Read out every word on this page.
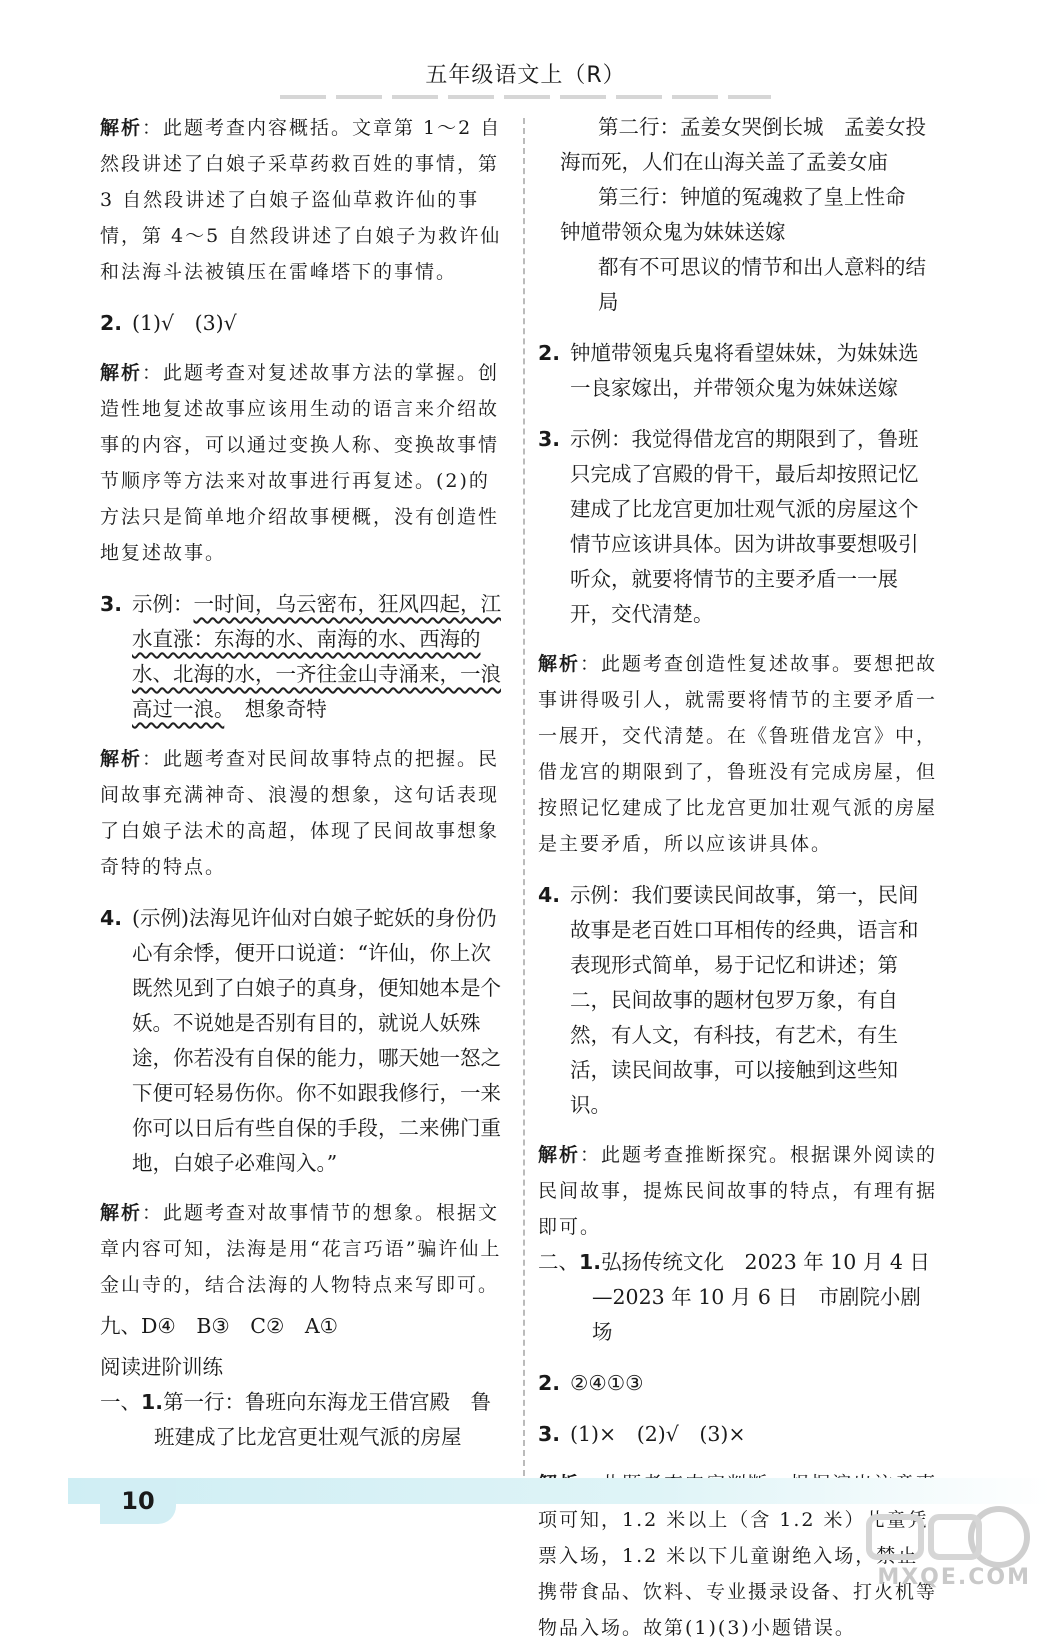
五年级语文上（R）

解析：此题考查内容概括。文章第 1～2 自然段讲述了白娘子采草药救百姓的事情，第 3 自然段讲述了白娘子盗仙草救许仙的事情，第 4～5 自然段讲述了白娘子为救许仙和法海斗法被镇压在雷峰塔下的事情。

2. (1)√　(3)√

解析：此题考查对复述故事方法的掌握。创造性地复述故事应该用生动的语言来介绍故事的内容，可以通过变换人称、变换故事情节顺序等方法来对故事进行再复述。(2)的方法只是简单地介绍故事梗概，没有创造性地复述故事。

3. 示例：一时间，乌云密布，狂风四起，江水直涨：东海的水、南海的水、西海的水、北海的水，一齐往金山寺涌来，一浪高过一浪。　想象奇特

解析：此题考查对民间故事特点的把握。民间故事充满神奇、浪漫的想象，这句话表现了白娘子法术的高超，体现了民间故事想象奇特的特点。

4. (示例)法海见许仙对白娘子蛇妖的身份仍心有余悸，便开口说道：“许仙，你上次既然见到了白娘子的真身，便知她本是个妖。不说她是否别有目的，就说人妖殊途，你若没有自保的能力，哪天她一怒之下便可轻易伤你。你不如跟我修行，一来你可以日后有些自保的手段，二来佛门重地，白娘子必难闯入。”

解析：此题考查对故事情节的想象。根据文章内容可知，法海是用“花言巧语”骗许仙上金山寺的，结合法海的人物特点来写即可。

九、D④　B③　C②　A①

阅读进阶训练

一、1.第一行：鲁班向东海龙王借宫殿　鲁班建成了比龙宫更壮观气派的房屋

第二行：孟姜女哭倒长城　孟姜女投海而死，人们在山海关盖了孟姜女庙

第三行：钟馗的冤魂救了皇上性命　钟馗带领众鬼为妹妹送嫁

都有不可思议的情节和出人意料的结局

2. 钟馗带领鬼兵鬼将看望妹妹，为妹妹选一良家嫁出，并带领众鬼为妹妹送嫁

3. 示例：我觉得借龙宫的期限到了，鲁班只完成了宫殿的骨干，最后却按照记忆建成了比龙宫更加壮观气派的房屋这个情节应该讲具体。因为讲故事要想吸引听众，就要将情节的主要矛盾一一展开，交代清楚。

解析：此题考查创造性复述故事。要想把故事讲得吸引人，就需要将情节的主要矛盾一一展开，交代清楚。在《鲁班借龙宫》中，借龙宫的期限到了，鲁班没有完成房屋，但按照记忆建成了比龙宫更加壮观气派的房屋是主要矛盾，所以应该讲具体。

4. 示例：我们要读民间故事，第一，民间故事是老百姓口耳相传的经典，语言和表现形式简单，易于记忆和讲述；第二，民间故事的题材包罗万象，有自然，有人文，有科技，有艺术，有生活，读民间故事，可以接触到这些知识。

解析：此题考查推断探究。根据课外阅读的民间故事，提炼民间故事的特点，有理有据即可。

二、1.弘扬传统文化　2023 年 10 月 4 日—2023 年 10 月 6 日　市剧院小剧场

2. ②④①③

3. (1)×　(2)√　(3)×

项可知，1.2 米以上（含 1.2 米）儿童凭票入场，1.2 米以下儿童谢绝入场，禁止携带食品、饮料、专业摄录设备、打火机等物品入场。故第(1)(3)小题错误。

10
MXQE.COM
